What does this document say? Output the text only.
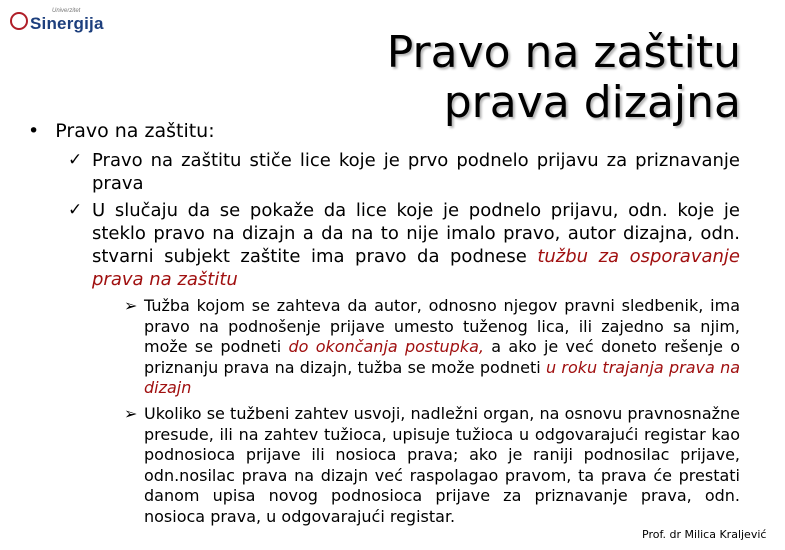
Univerzitet
Sinergija
Pravo na zaštitu prava dizajna
• Pravo na zaštitu:
✓ Pravo na zaštitu stiče lice koje je prvo podnelo prijavu za priznavanje prava
✓ U slučaju da se pokaže da lice koje je podnelo prijavu, odn. koje je steklo pravo na dizajn a da na to nije imalo pravo, autor dizajna, odn. stvarni subjekt zaštite ima pravo da podnese tužbu za osporavanje prava na zaštitu
➢ Tužba kojom se zahteva da autor, odnosno njegov pravni sledbenik, ima pravo na podnošenje prijave umesto tuženog lica, ili zajedno sa njim, može se podneti do okončanja postupka, a ako je već doneto rešenje o priznanju prava na dizajn, tužba se može podneti u roku trajanja prava na dizajn
➢ Ukoliko se tužbeni zahtev usvoji, nadležni organ, na osnovu pravnosnažne presude, ili na zahtev tužioca, upisuje tužioca u odgovarajući registar kao podnosioca prijave ili nosioca prava; ako je raniji podnosilac prijave, odn.nosilac prava na dizajn već raspolagao pravom, ta prava će prestati danom upisa novog podnosioca prijave za priznavanje prava, odn. nosioca prava, u odgovarajući registar.
Prof. dr Milica Kraljević
